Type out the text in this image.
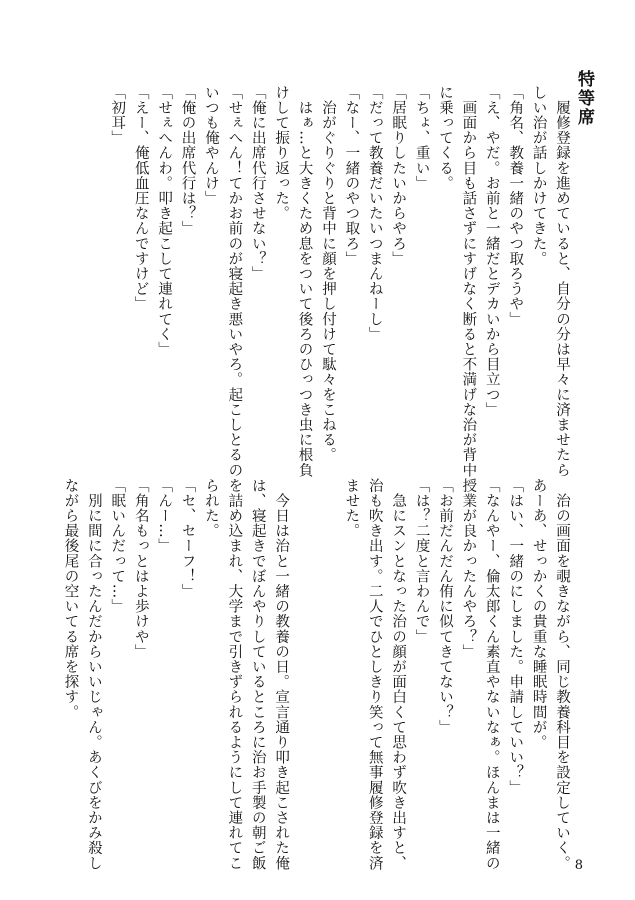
特等席
　履修登録を進めていると、自分の分は早々に済ませたら
しい治が話しかけてきた。
「角名、教養一緒のやつ取ろうや」
「え、やだ。お前と一緒だとデカいから目立つ」
　画面から目も話さずにすげなく断ると不満げな治が背中
に乗ってくる。
「ちょ、重い」
「居眠りしたいからやろ」
「だって教養だいたいつまんねーし」
「なー、一緒のやつ取ろ」
　治がぐりぐりと背中に顔を押し付けて駄々をこねる。
　はぁ…と大きくため息をついて後ろのひっつき虫に根負
けして振り返った。
「俺に出席代行させない？」
「せぇへん！てかお前のが寝起き悪いやろ。起こしとるの
いつも俺やんけ」
「俺の出席代行は？」
「せぇへんわ。叩き起こして連れてく」
「えー、俺低血圧なんですけど」
「初耳」
　治の画面を覗きながら、同じ教養科目を設定していく。
あーあ、せっかくの貴重な睡眠時間が。
「はい、一緒のにしました。申請していい？」
「なんやー、倫太郎くん素直やないなぁ。ほんまは一緒の
授業が良かったんやろ？」
「お前だんだん侑に似てきてない？」
「は？二度と言わんで」
　急にスンとなった治の顔が面白くて思わず吹き出すと、
治も吹き出す。二人でひとしきり笑って無事履修登録を済
ませた。

　今日は治と一緒の教養の日。宣言通り叩き起こされた俺
は、寝起きでぼんやりしているところに治お手製の朝ご飯
を詰め込まれ、大学まで引きずられるようにして連れてこ
られた。
「セ、セーフ！」
「んー…」
「角名もっとはよ歩けや」
「眠いんだって…」
　別に間に合ったんだからいいじゃん。あくびをかみ殺し
ながら最後尾の空いてる席を探す。
8
